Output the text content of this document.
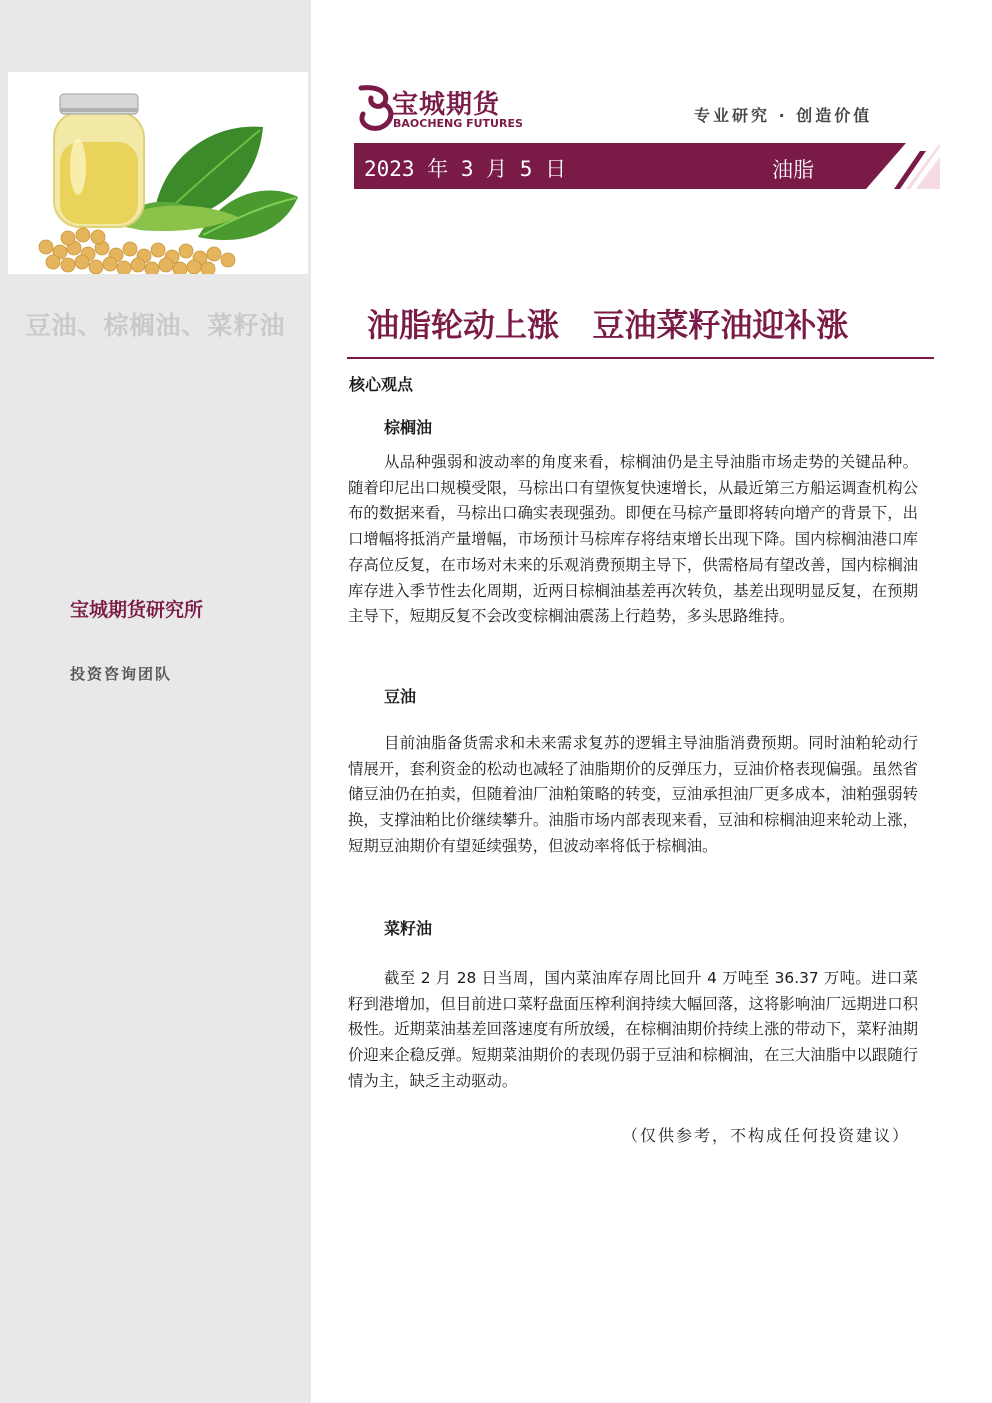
豆油、棕榈油、菜籽油
宝城期货研究所
投资咨询团队
宝城期货
BAOCHENG FUTURES	专业研究 · 创造价值
2023 年 3 月 5 日	油脂
油脂轮动上涨   豆油菜籽油迎补涨
核心观点
棕榈油

从品种强弱和波动率的角度来看，棕榈油仍是主导油脂市场走势的关键品种。随着印尼出口规模受限，马棕出口有望恢复快速增长，从最近第三方船运调查机构公布的数据来看，马棕出口确实表现强劲。即便在马棕产量即将转向增产的背景下，出口增幅将抵消产量增幅，市场预计马棕库存将结束增长出现下降。国内棕榈油港口库存高位反复，在市场对未来的乐观消费预期主导下，供需格局有望改善，国内棕榈油库存进入季节性去化周期，近两日棕榈油基差再次转负，基差出现明显反复，在预期主导下，短期反复不会改变棕榈油震荡上行趋势，多头思路维持。

豆油

目前油脂备货需求和未来需求复苏的逻辑主导油脂消费预期。同时油粕轮动行情展开，套利资金的松动也减轻了油脂期价的反弹压力，豆油价格表现偏强。虽然省储豆油仍在拍卖，但随着油厂油粕策略的转变，豆油承担油厂更多成本，油粕强弱转换，支撑油粕比价继续攀升。油脂市场内部表现来看，豆油和棕榈油迎来轮动上涨，短期豆油期价有望延续强势，但波动率将低于棕榈油。

菜籽油

截至 2 月 28 日当周，国内菜油库存周比回升 4 万吨至 36.37 万吨。进口菜籽到港增加，但目前进口菜籽盘面压榨利润持续大幅回落，这将影响油厂远期进口积极性。近期菜油基差回落速度有所放缓，在棕榈油期价持续上涨的带动下，菜籽油期价迎来企稳反弹。短期菜油期价的表现仍弱于豆油和棕榈油，在三大油脂中以跟随行情为主，缺乏主动驱动。

（仅供参考，不构成任何投资建议）
